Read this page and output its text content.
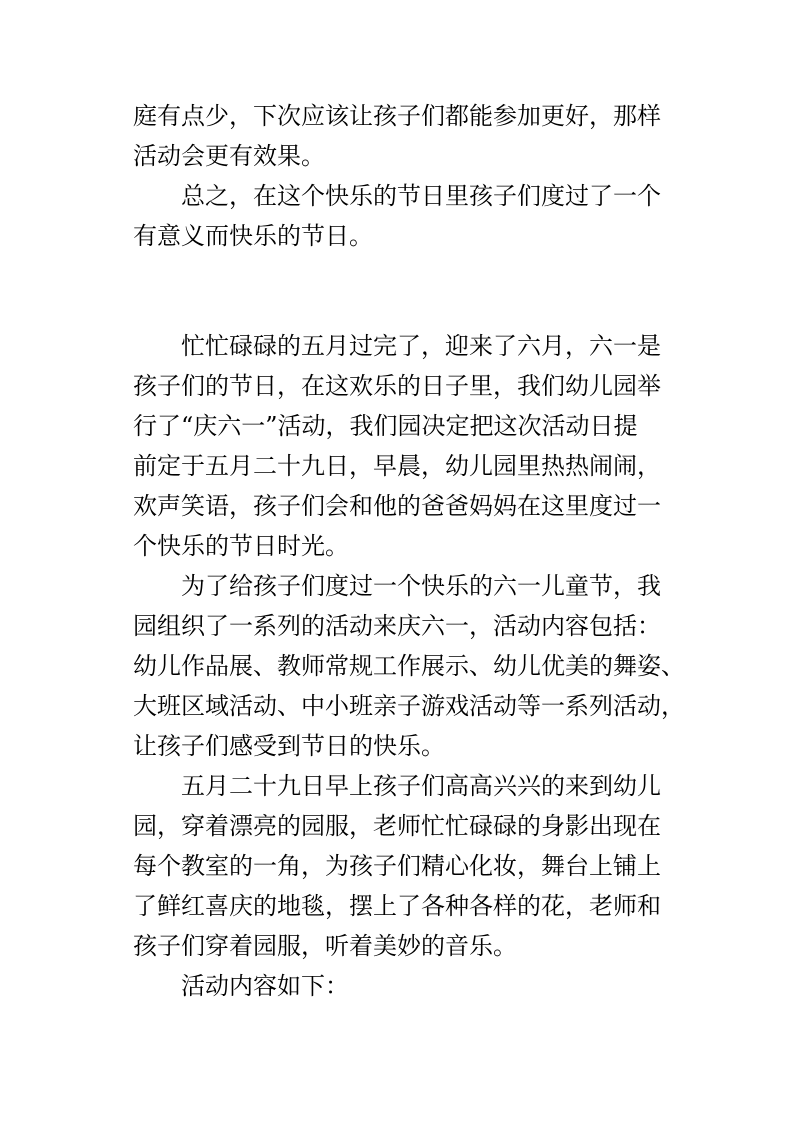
庭有点少，下次应该让孩子们都能参加更好，那样
活动会更有效果。
总之，在这个快乐的节日里孩子们度过了一个
有意义而快乐的节日。
忙忙碌碌的五月过完了，迎来了六月，六一是
孩子们的节日，在这欢乐的日子里，我们幼儿园举
行了“庆六一”活动，我们园决定把这次活动日提
前定于五月二十九日，早晨，幼儿园里热热闹闹，
欢声笑语，孩子们会和他的爸爸妈妈在这里度过一
个快乐的节日时光。
为了给孩子们度过一个快乐的六一儿童节，我
园组织了一系列的活动来庆六一，活动内容包括：
幼儿作品展、教师常规工作展示、幼儿优美的舞姿、
大班区域活动、中小班亲子游戏活动等一系列活动，
让孩子们感受到节日的快乐。
五月二十九日早上孩子们高高兴兴的来到幼儿
园，穿着漂亮的园服，老师忙忙碌碌的身影出现在
每个教室的一角，为孩子们精心化妆，舞台上铺上
了鲜红喜庆的地毯，摆上了各种各样的花，老师和
孩子们穿着园服，听着美妙的音乐。
活动内容如下：
